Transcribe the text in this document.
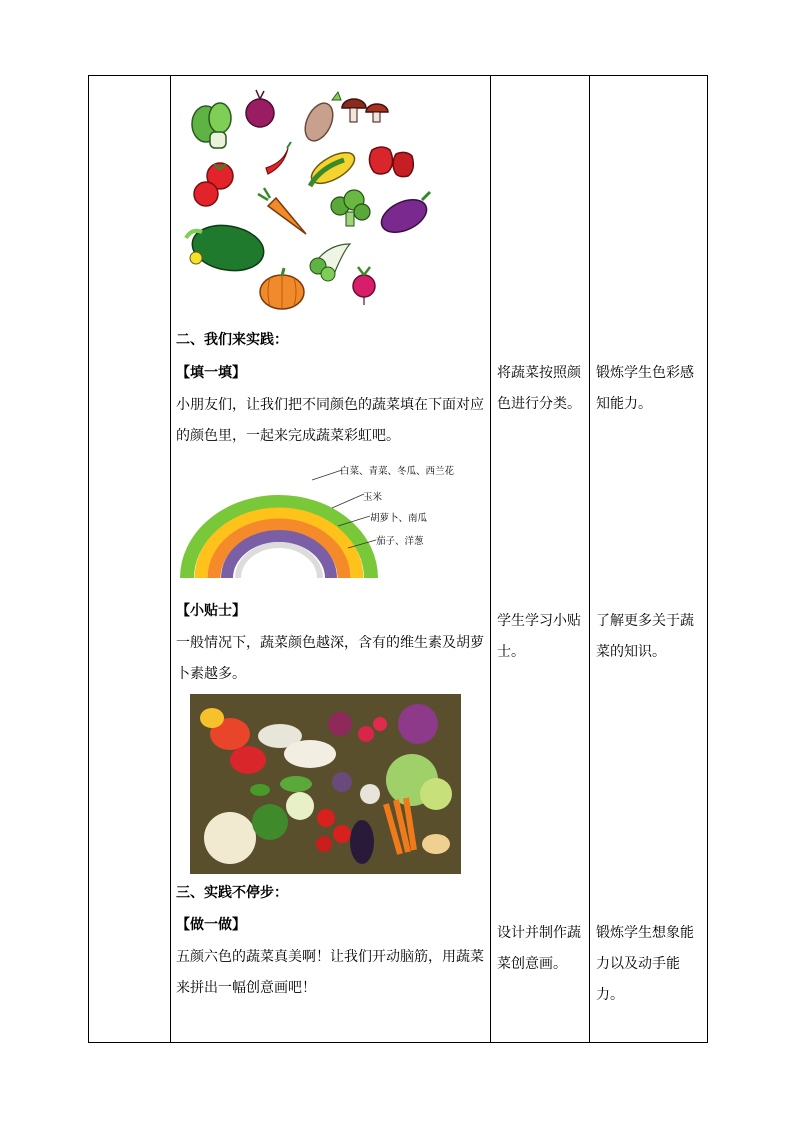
二、我们来实践：
【填一填】
小朋友们，让我们把不同颜色的蔬菜填在下面对应的颜色里，一起来完成蔬菜彩虹吧。
白菜、青菜、冬瓜、西兰花
玉米
胡萝卜、南瓜
茄子、洋葱
【小贴士】
一般情况下，蔬菜颜色越深，含有的维生素及胡萝卜素越多。
三、实践不停步：
【做一做】
五颜六色的蔬菜真美啊！让我们开动脑筋，用蔬菜来拼出一幅创意画吧！
将蔬菜按照颜色进行分类。
学生学习小贴士。
设计并制作蔬菜创意画。
锻炼学生色彩感知能力。
了解更多关于蔬菜的知识。
锻炼学生想象能力以及动手能力。
